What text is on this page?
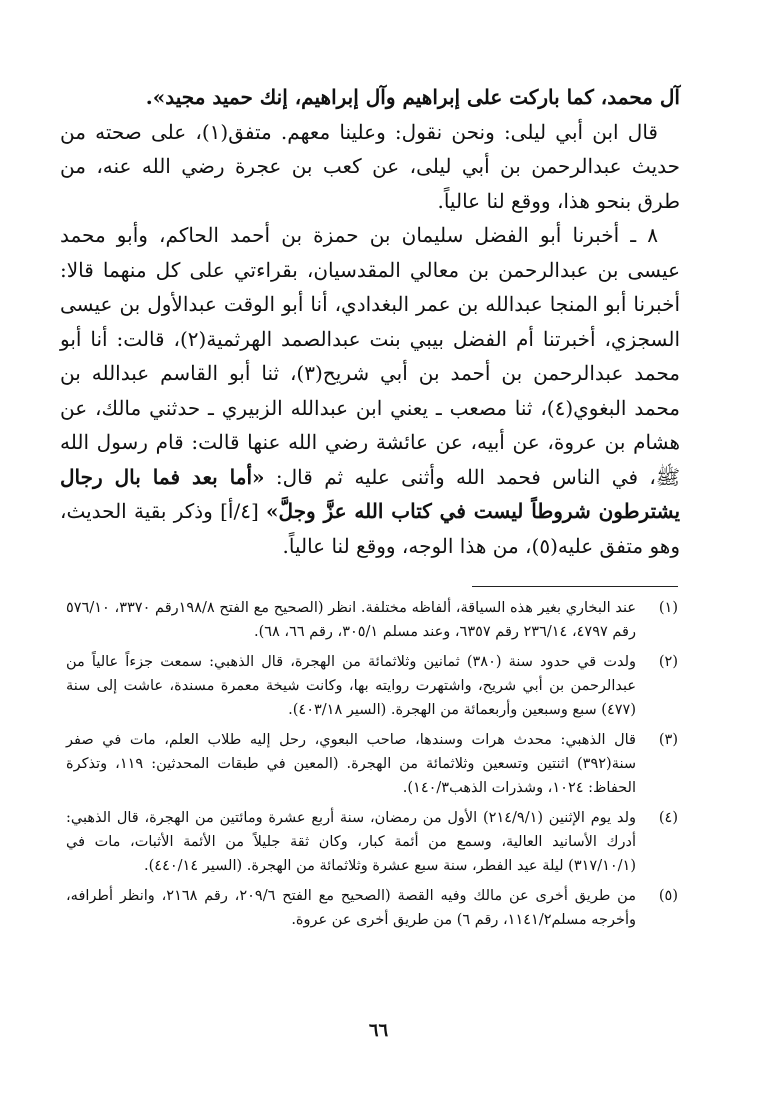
آل محمد، كما باركت على إبراهيم وآل إبراهيم، إنك حميد مجيد».

قال ابن أبي ليلى: ونحن نقول: وعلينا معهم. متفق(١)، على صحته من حديث عبدالرحمن بن أبي ليلى، عن كعب بن عجرة رضي الله عنه، من طرق بنحو هذا، ووقع لنا عالياً.

٨ ـ أخبرنا أبو الفضل سليمان بن حمزة بن أحمد الحاكم، وأبو محمد عيسى بن عبدالرحمن بن معالي المقدسيان، بقراءتي على كل منهما قالا: أخبرنا أبو المنجا عبدالله بن عمر البغدادي، أنا أبو الوقت عبدالأول بن عيسى السجزي، أخبرتنا أم الفضل بيبي بنت عبدالصمد الهرثمية(٢)، قالت: أنا أبو محمد عبدالرحمن بن أحمد بن أبي شريح(٣)، ثنا أبو القاسم عبدالله بن محمد البغوي(٤)، ثنا مصعب ـ يعني ابن عبدالله الزبيري ـ حدثني مالك، عن هشام بن عروة، عن أبيه، عن عائشة رضي الله عنها قالت: قام رسول الله ﷺ، في الناس فحمد الله وأثنى عليه ثم قال: «أما بعد فما بال رجال يشترطون شروطاً ليست في كتاب الله عزَّ وجلَّ» [٤/أ] وذكر بقية الحديث، وهو متفق عليه(٥)، من هذا الوجه، ووقع لنا عالياً.

(١)
عند البخاري بغير هذه السياقة، ألفاظه مختلفة. انظر (الصحيح مع الفتح ١٩٨/٨رقم ٣٣٧٠، ٥٧٦/١٠ رقم ٤٧٩٧، ٢٣٦/١٤ رقم ٦٣٥٧، وعند مسلم ٣٠٥/١، رقم ٦٦، ٦٨).
(٢)
ولدت قي حدود سنة (٣٨٠) ثمانين وثلاثمائة من الهجرة، قال الذهبي: سمعت جزءاً عالياً من عبدالرحمن بن أبي شريح، واشتهرت روايته بها، وكانت شيخة معمرة مسندة، عاشت إلى سنة (٤٧٧) سبع وسبعين وأربعمائة من الهجرة. (السير ٤٠٣/١٨).
(٣)
قال الذهبي: محدث هرات وسندها، صاحب البعوي، رحل إليه طلاب العلم، مات في صفر سنة(٣٩٢) اثنتين وتسعين وثلاثمائة من الهجرة. (المعين في طبقات المحدثين: ١١٩، وتذكرة الحفاظ: ١٠٢٤، وشذرات الذهب١٤٠/٣).
(٤)
ولد يوم الإثنين (٢١٤/٩/١) الأول من رمضان، سنة أربع عشرة ومائتين من الهجرة، قال الذهبي: أدرك الأسانيد العالية، وسمع من أئمة كبار، وكان ثقة جليلاً من الأئمة الأثبات، مات في (٣١٧/١٠/١) ليلة عيد الفطر، سنة سبع عشرة وثلاثمائة من الهجرة. (السير ٤٤٠/١٤).
(٥)
من طريق أخرى عن مالك وفيه القصة (الصحيح مع الفتح ٢٠٩/٦، رقم ٢١٦٨، وانظر أطرافه، وأخرجه مسلم١١٤١/٢، رقم ٦) من طريق أخرى عن عروة.
٦٦
